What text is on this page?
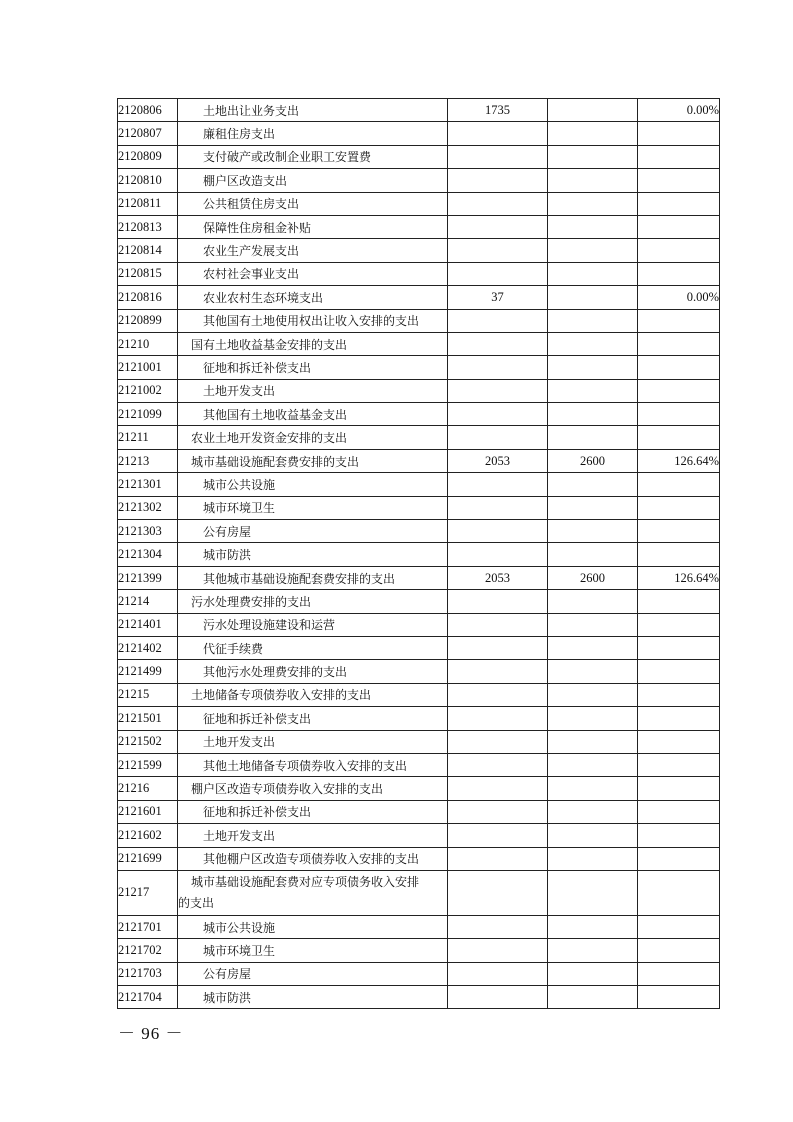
2120806	土地出让业务支出	1735		0.00%
2120807	廉租住房支出			
2120809	支付破产或改制企业职工安置费			
2120810	棚户区改造支出			
2120811	公共租赁住房支出			
2120813	保障性住房租金补贴			
2120814	农业生产发展支出			
2120815	农村社会事业支出			
2120816	农业农村生态环境支出	37		0.00%
2120899	其他国有土地使用权出让收入安排的支出			
21210	国有土地收益基金安排的支出			
2121001	征地和拆迁补偿支出			
2121002	土地开发支出			
2121099	其他国有土地收益基金支出			
21211	农业土地开发资金安排的支出			
21213	城市基础设施配套费安排的支出	2053	2600	126.64%
2121301	城市公共设施			
2121302	城市环境卫生			
2121303	公有房屋			
2121304	城市防洪			
2121399	其他城市基础设施配套费安排的支出	2053	2600	126.64%
21214	污水处理费安排的支出			
2121401	污水处理设施建设和运营			
2121402	代征手续费			
2121499	其他污水处理费安排的支出			
21215	土地储备专项债券收入安排的支出			
2121501	征地和拆迁补偿支出			
2121502	土地开发支出			
2121599	其他土地储备专项债券收入安排的支出			
21216	棚户区改造专项债券收入安排的支出			
2121601	征地和拆迁补偿支出			
2121602	土地开发支出			
2121699	其他棚户区改造专项债券收入安排的支出			
21217	城市基础设施配套费对应专项债务收入安排
的支出			
2121701	城市公共设施			
2121702	城市环境卫生			
2121703	公有房屋			
2121704	城市防洪			
－ 96 －
